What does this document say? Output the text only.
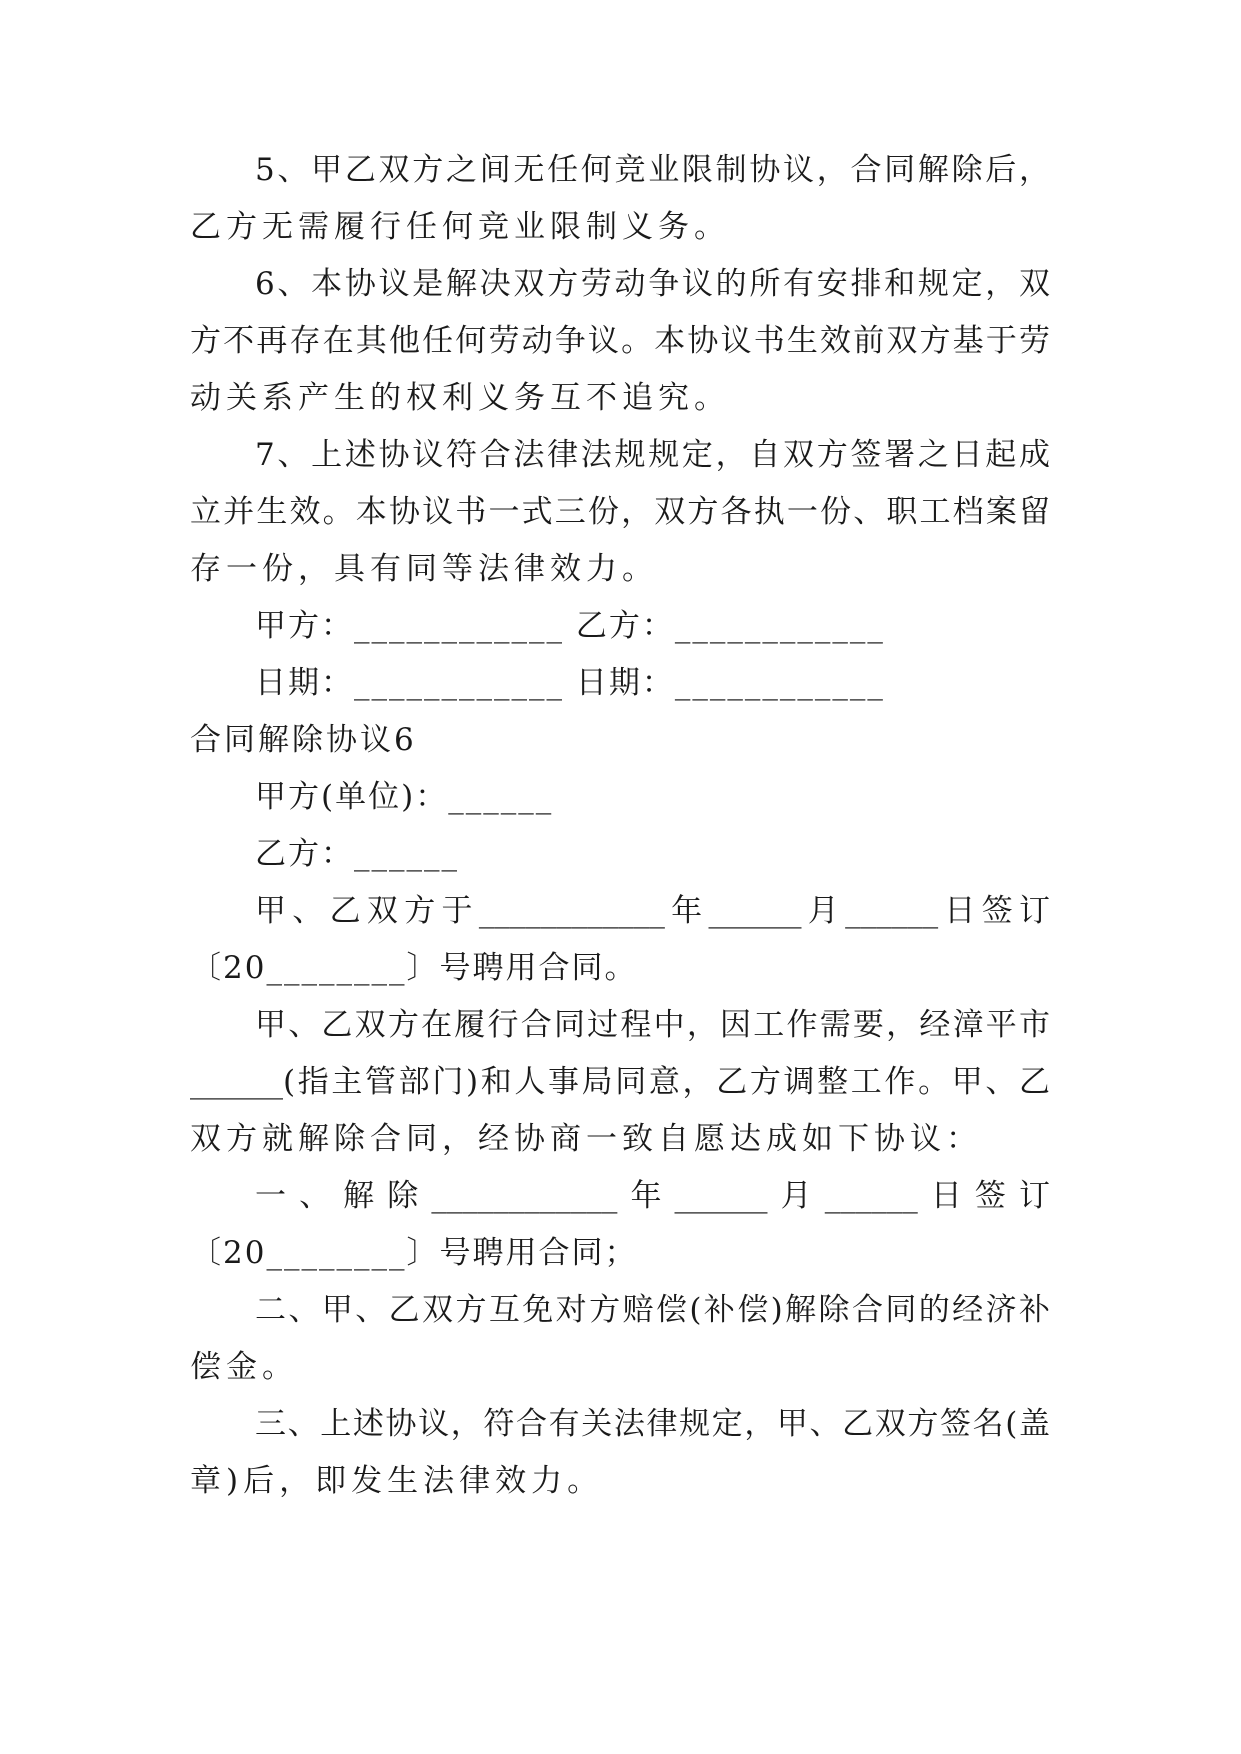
5、甲乙双方之间无任何竞业限制协议，合同解除后，
乙方无需履行任何竞业限制义务。
6、本协议是解决双方劳动争议的所有安排和规定，双
方不再存在其他任何劳动争议。本协议书生效前双方基于劳
动关系产生的权利义务互不追究。
7、上述协议符合法律法规规定，自双方签署之日起成
立并生效。本协议书一式三份，双方各执一份、职工档案留
存一份，具有同等法律效力。
甲方：____________ 乙方：____________
日期：____________ 日期：____________
合同解除协议6
甲方(单位)：______
乙方：______
甲、乙双方于____________年______月______日签订
〔20________〕号聘用合同。
甲、乙双方在履行合同过程中，因工作需要，经漳平市
______(指主管部门)和人事局同意，乙方调整工作。甲、乙
双方就解除合同，经协商一致自愿达成如下协议：
一、解除____________年______月______日签订
〔20________〕号聘用合同；
二、甲、乙双方互免对方赔偿(补偿)解除合同的经济补
偿金。
三、上述协议，符合有关法律规定，甲、乙双方签名(盖
章)后，即发生法律效力。
